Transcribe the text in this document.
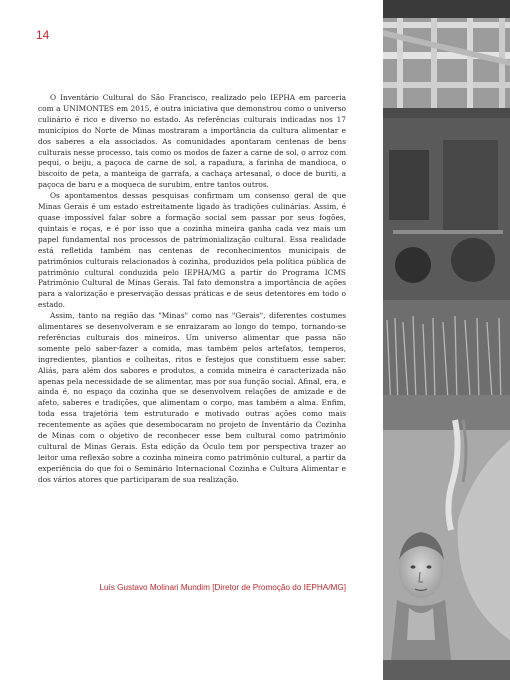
14

O Inventário Cultural do São Francisco, realizado pelo IEPHA em parceria com a UNIMONTES em 2015, é outra iniciativa que demonstrou como o universo culinário é rico e diverso no estado. As referências culturais indicadas nos 17 municípios do Norte de Minas mostraram a importância da cultura alimentar e dos saberes a ela associados. As comunidades apontaram centenas de bens culturais nesse processo, tais como os modos de fazer a carne de sol, o arroz com pequi, o beiju, a paçoca de carne de sol, a rapadura, a farinha de mandioca, o biscoito de peta, a manteiga de garrafa, a cachaça artesanal, o doce de buriti, a paçoca de baru e a moqueca de surubim, entre tantos outros.

Os apontamentos dessas pesquisas confirmam um consenso geral de que Minas Gerais é um estado estreitamente ligado às tradições culinárias. Assim, é quase impossível falar sobre a formação social sem passar por seus fogões, quintais e roças, e é por isso que a cozinha mineira ganha cada vez mais um papel fundamental nos processos de patrimonialização cultural. Essa realidade está refletida também nas centenas de reconhecimentos municipais de patrimônios culturais relacionados à cozinha, produzidos pela política pública de patrimônio cultural conduzida pelo IEPHA/MG a partir do Programa ICMS Patrimônio Cultural de Minas Gerais. Tal fato demonstra a importância de ações para a valorização e preservação dessas práticas e de seus detentores em todo o estado.

Assim, tanto na região das "Minas" como nas "Gerais", diferentes costumes alimentares se desenvolveram e se enraizaram ao longo do tempo, tornando-se referências culturais dos mineiros. Um universo alimentar que passa não somente pelo saber-fazer a comida, mas também pelos artefatos, temperos, ingredientes, plantios e colheitas, ritos e festejos que constituem esse saber. Aliás, para além dos sabores e produtos, a comida mineira é caracterizada não apenas pela necessidade de se alimentar, mas por sua função social. Afinal, era, e ainda é, no espaço da cozinha que se desenvolvem relações de amizade e de afeto, saberes e tradições, que alimentam o corpo, mas também a alma. Enfim, toda essa trajetória tem estruturado e motivado outras ações como mais recentemente as ações que desembocaram no projeto de Inventário da Cozinha de Minas com o objetivo de reconhecer esse bem cultural como patrimônio cultural de Minas Gerais. Esta edição da Óculo tem por perspectiva trazer ao leitor uma reflexão sobre a cozinha mineira como patrimônio cultural, a partir da experiência do que foi o Seminário Internacional Cozinha e Cultura Alimentar e dos vários atores que participaram de sua realização.

Luís Gustavo Molinari Mundim [Diretor de Promoção do IEPHA/MG]
